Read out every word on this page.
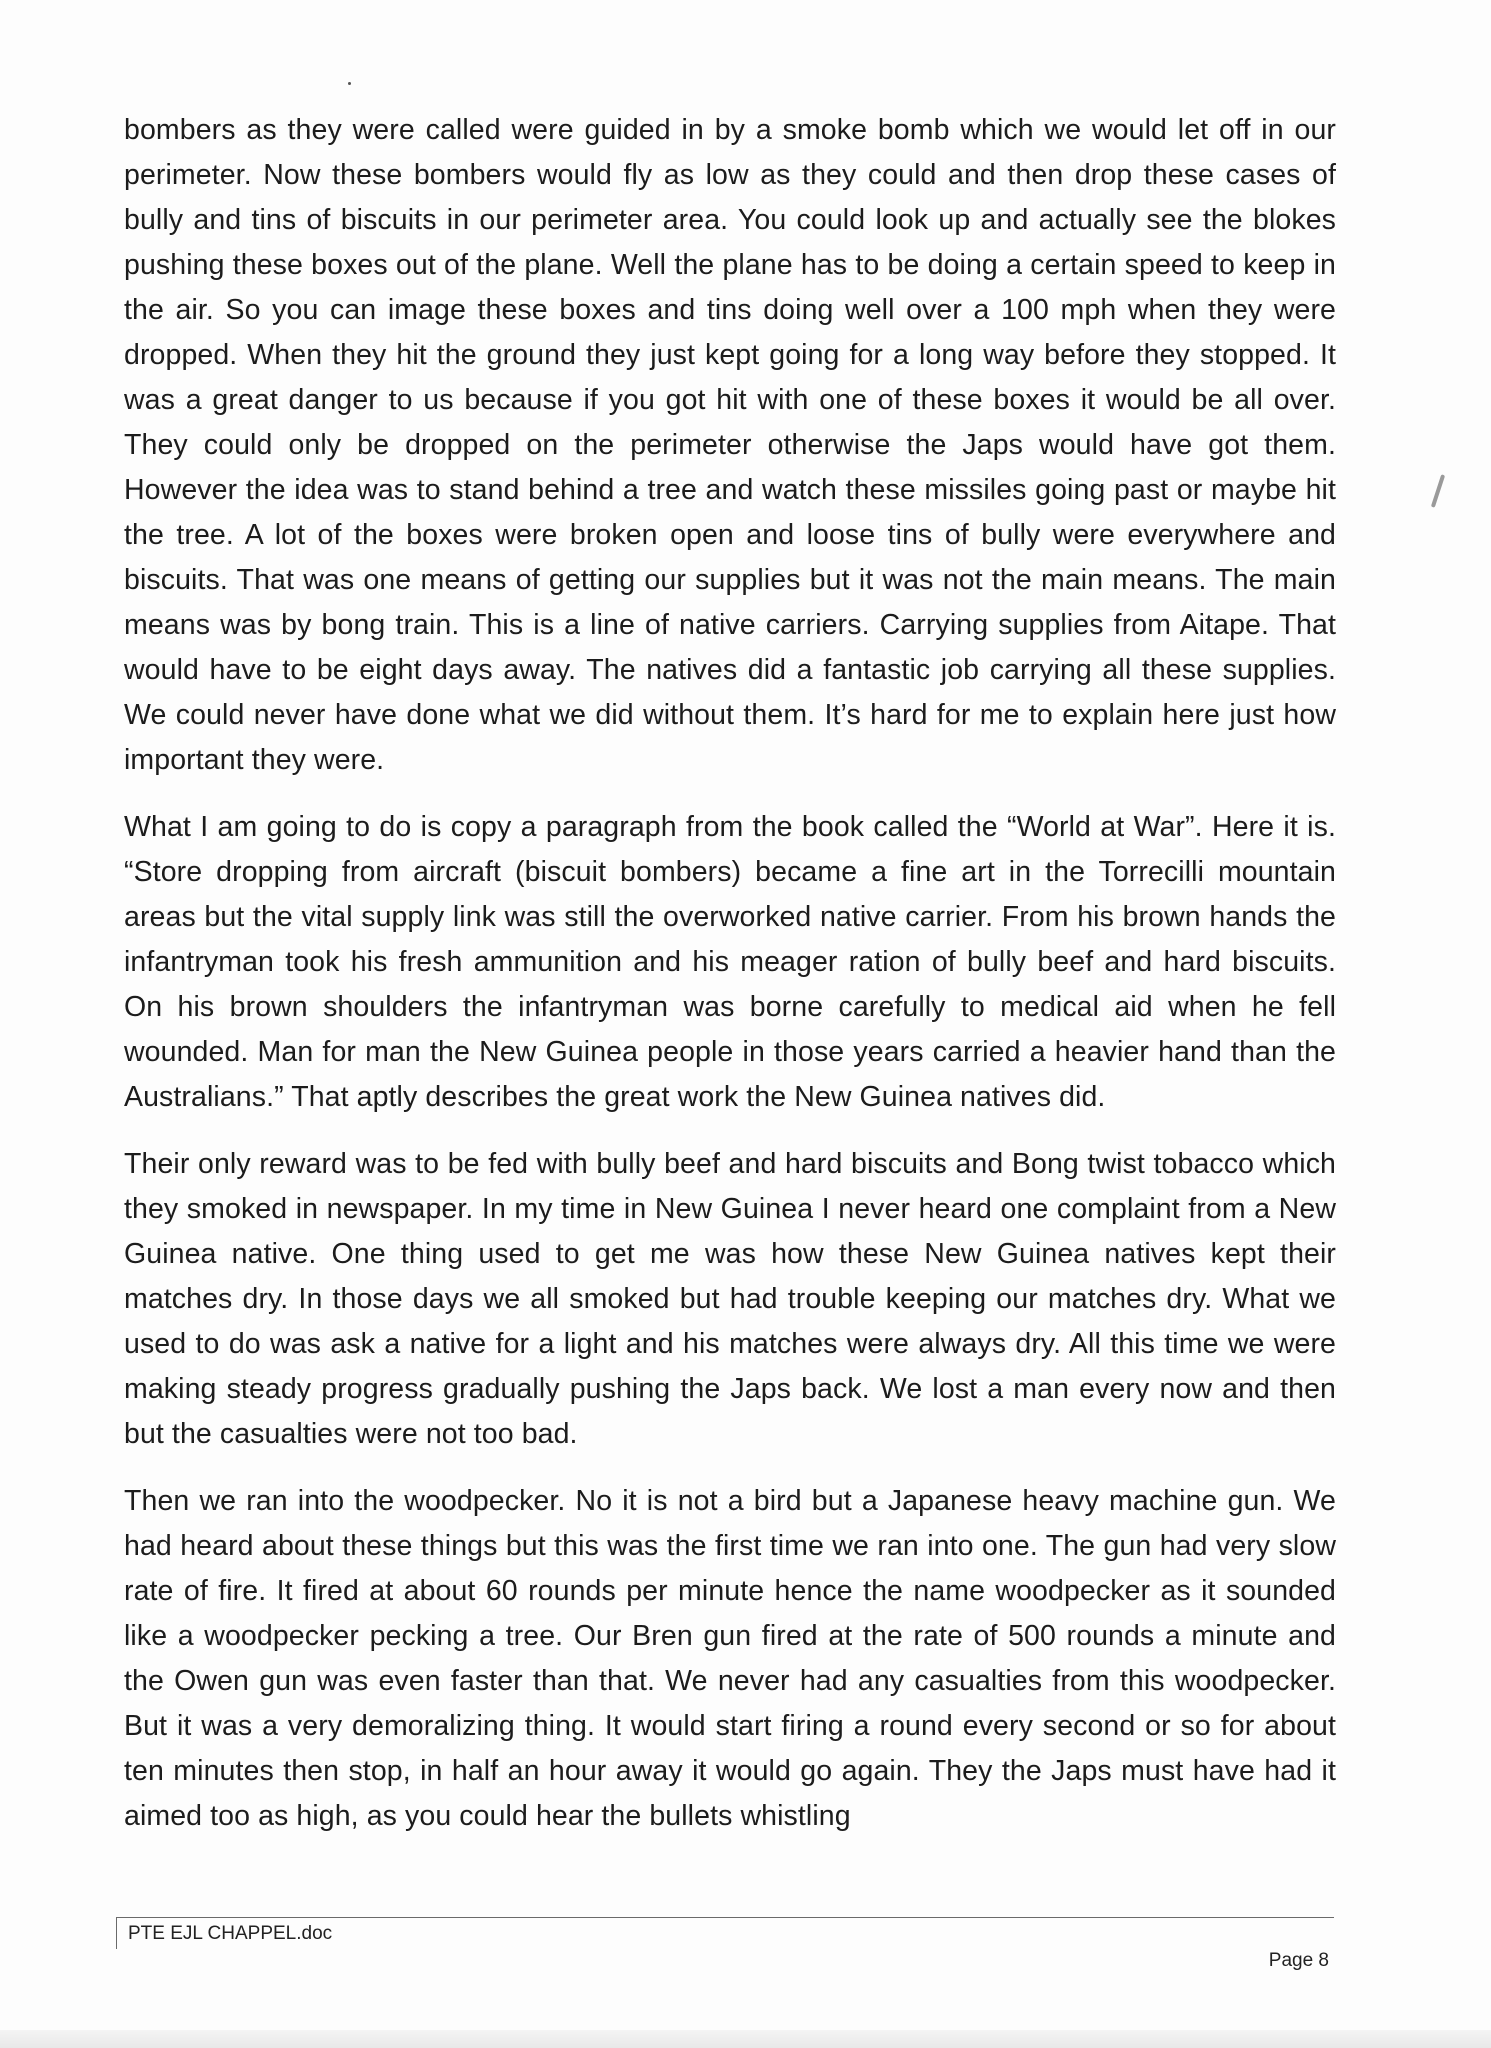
bombers as they were called were guided in by a smoke bomb which we would let off in our perimeter. Now these bombers would fly as low as they could and then drop these cases of bully and tins of biscuits in our perimeter area. You could look up and actually see the blokes pushing these boxes out of the plane. Well the plane has to be doing a certain speed to keep in the air. So you can image these boxes and tins doing well over a 100 mph when they were dropped. When they hit the ground they just kept going for a long way before they stopped. It was a great danger to us because if you got hit with one of these boxes it would be all over. They could only be dropped on the perimeter otherwise the Japs would have got them. However the idea was to stand behind a tree and watch these missiles going past or maybe hit the tree. A lot of the boxes were broken open and loose tins of bully were everywhere and biscuits. That was one means of getting our supplies but it was not the main means. The main means was by bong train. This is a line of native carriers. Carrying supplies from Aitape. That would have to be eight days away. The natives did a fantastic job carrying all these supplies. We could never have done what we did without them. It’s hard for me to explain here just how important they were.

What I am going to do is copy a paragraph from the book called the “World at War”. Here it is. “Store dropping from aircraft (biscuit bombers) became a fine art in the Torrecilli mountain areas but the vital supply link was still the overworked native carrier. From his brown hands the infantryman took his fresh ammunition and his meager ration of bully beef and hard biscuits. On his brown shoulders the infantryman was borne carefully to medical aid when he fell wounded. Man for man the New Guinea people in those years carried a heavier hand than the Australians.” That aptly describes the great work the New Guinea natives did.

Their only reward was to be fed with bully beef and hard biscuits and Bong twist tobacco which they smoked in newspaper. In my time in New Guinea I never heard one complaint from a New Guinea native. One thing used to get me was how these New Guinea natives kept their matches dry. In those days we all smoked but had trouble keeping our matches dry. What we used to do was ask a native for a light and his matches were always dry. All this time we were making steady progress gradually pushing the Japs back. We lost a man every now and then but the casualties were not too bad.

Then we ran into the woodpecker. No it is not a bird but a Japanese heavy machine gun. We had heard about these things but this was the first time we ran into one. The gun had very slow rate of fire. It fired at about 60 rounds per minute hence the name woodpecker as it sounded like a woodpecker pecking a tree. Our Bren gun fired at the rate of 500 rounds a minute and the Owen gun was even faster than that. We never had any casualties from this woodpecker. But it was a very demoralizing thing. It would start firing a round every second or so for about ten minutes then stop, in half an hour away it would go again. They the Japs must have had it aimed too as high, as you could hear the bullets whistling

PTE EJL CHAPPEL.doc
Page 8
